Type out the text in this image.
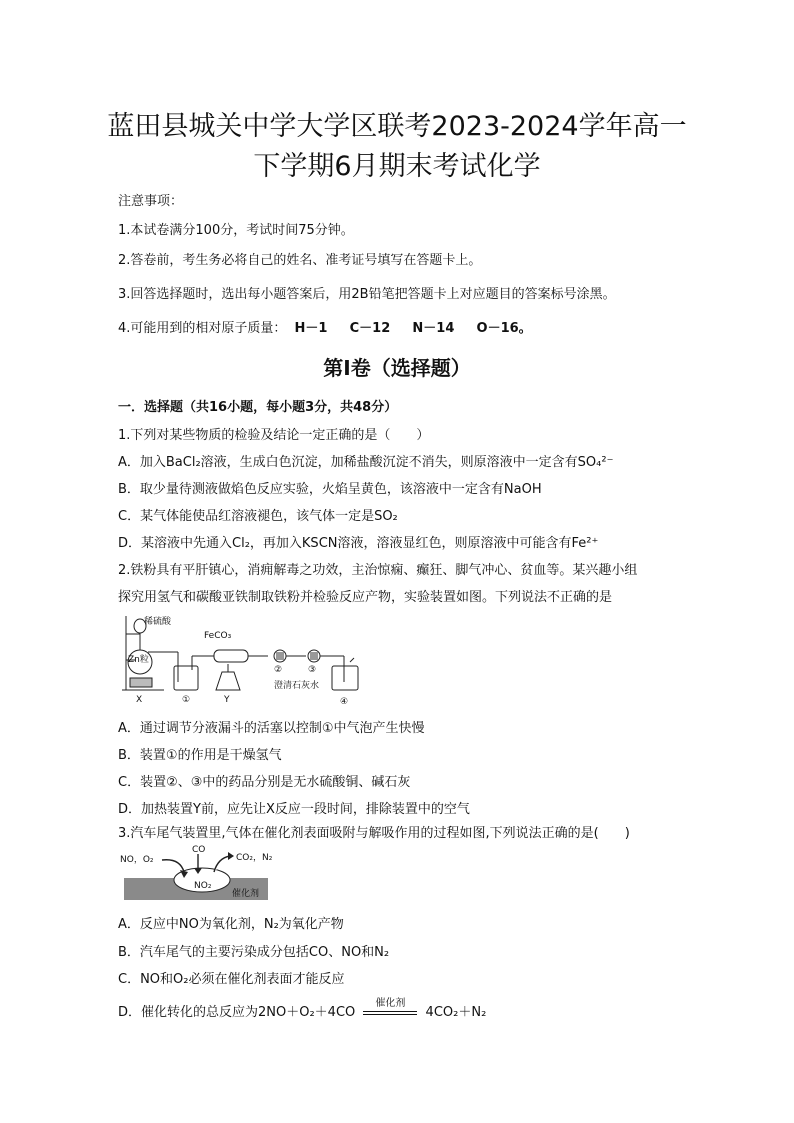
蓝田县城关中学大学区联考2023-2024学年高一
下学期6月期末考试化学
注意事项：
1.本试卷满分100分，考试时间75分钟。
2.答卷前，考生务必将自己的姓名、准考证号填写在答题卡上。
3.回答选择题时，选出每小题答案后，用2B铅笔把答题卡上对应题目的答案标号涂黑。
4.可能用到的相对原子质量： H－1 C－12 N－14 O－16。
第Ⅰ卷（选择题）
一．选择题（共16小题，每小题3分，共48分）
1.下列对某些物质的检验及结论一定正确的是（　　）
A．加入BaCl₂溶液，生成白色沉淀，加稀盐酸沉淀不消失，则原溶液中一定含有SO₄²⁻
B．取少量待测液做焰色反应实验，火焰呈黄色，该溶液中一定含有NaOH
C．某气体能使品红溶液褪色，该气体一定是SO₂
D．某溶液中先通入Cl₂，再加入KSCN溶液，溶液显红色，则原溶液中可能含有Fe²⁺
2.铁粉具有平肝镇心，消痈解毒之功效，主治惊痫、癫狂、脚气冲心、贫血等。某兴趣小组
探究用氢气和碳酸亚铁制取铁粉并检验反应产物，实验装置如图。下列说法不正确的是
稀硫酸
FeCO₃
Zn粒
X	①	Y
②	③
澄清石灰水
④
A．通过调节分液漏斗的活塞以控制①中气泡产生快慢
B．装置①的作用是干燥氢气
C．装置②、③中的药品分别是无水硫酸铜、碱石灰
D．加热装置Y前，应先让X反应一段时间，排除装置中的空气
3.汽车尾气装置里,气体在催化剂表面吸附与解吸作用的过程如图,下列说法正确的是(　　)
NO，O₂
CO
CO₂，N₂
NO₂
催化剂
A．反应中NO为氧化剂，N₂为氧化产物
B．汽车尾气的主要污染成分包括CO、NO和N₂
C．NO和O₂必须在催化剂表面才能反应
D．催化转化的总反应为2NO＋O₂＋4CO
催化剂
4CO₂＋N₂
